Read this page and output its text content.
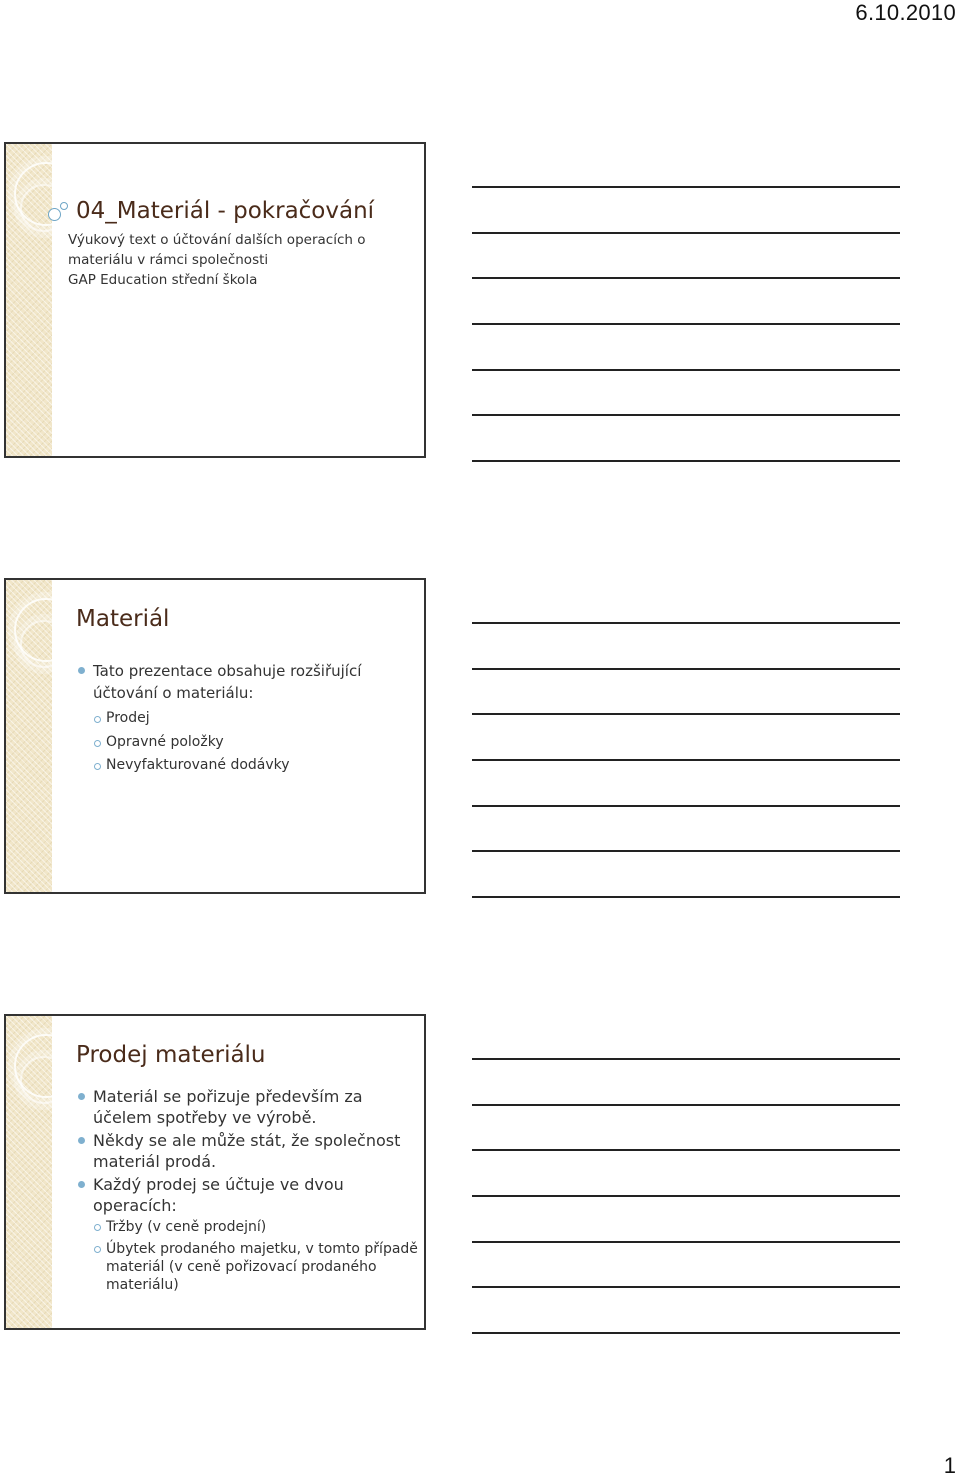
6.10.2010
04_Materiál - pokračování
Výukový text o účtování dalších operacích o
materiálu v rámci společnosti
GAP Education střední škola
Materiál
Tato prezentace obsahuje rozšiřující účtování o materiálu:
Prodej
Opravné položky
Nevyfakturované dodávky
Prodej materiálu
Materiál se pořizuje především za účelem spotřeby ve výrobě.
Někdy se ale může stát, že společnost materiál prodá.
Každý prodej se účtuje ve dvou operacích:
Tržby (v ceně prodejní)
Úbytek prodaného majetku, v tomto případě materiál (v ceně pořizovací prodaného materiálu)
1
